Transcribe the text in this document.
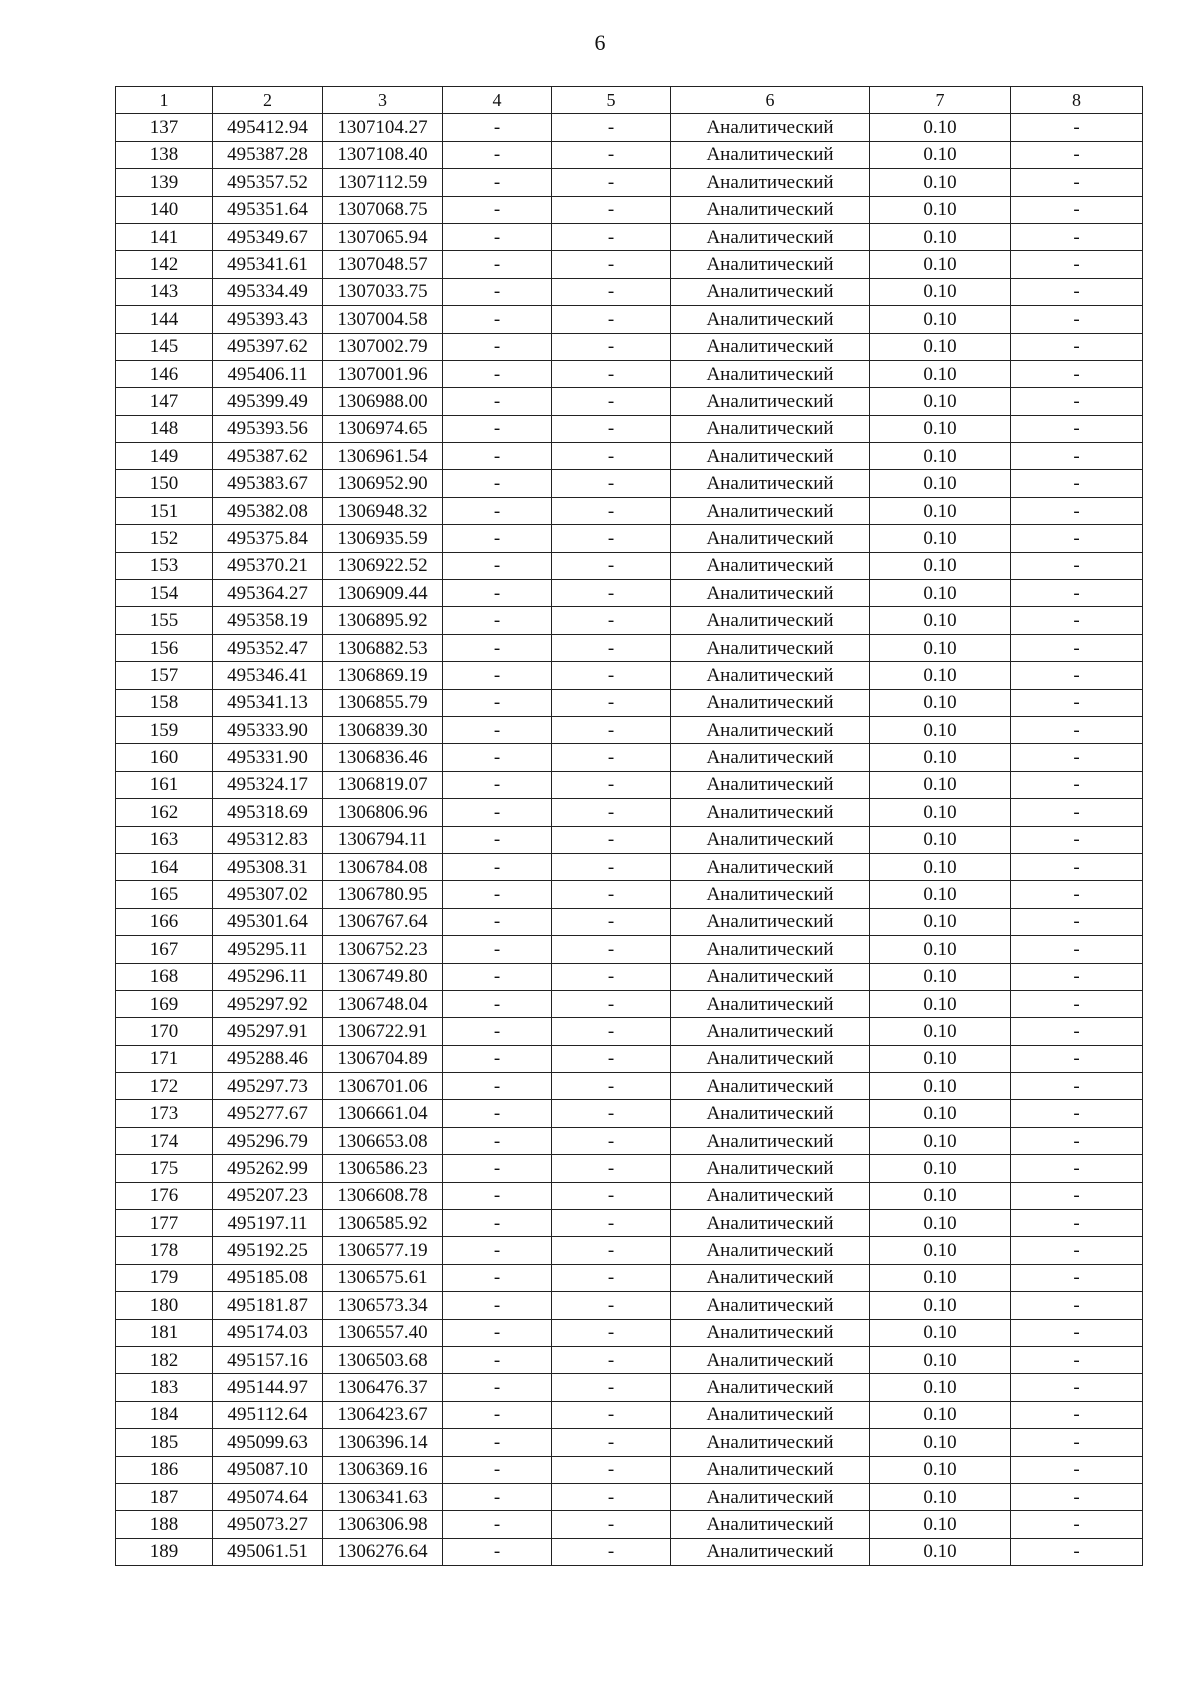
6
1	2	3	4	5	6	7	8
137	495412.94	1307104.27	-	-	Аналитический	0.10	-
138	495387.28	1307108.40	-	-	Аналитический	0.10	-
139	495357.52	1307112.59	-	-	Аналитический	0.10	-
140	495351.64	1307068.75	-	-	Аналитический	0.10	-
141	495349.67	1307065.94	-	-	Аналитический	0.10	-
142	495341.61	1307048.57	-	-	Аналитический	0.10	-
143	495334.49	1307033.75	-	-	Аналитический	0.10	-
144	495393.43	1307004.58	-	-	Аналитический	0.10	-
145	495397.62	1307002.79	-	-	Аналитический	0.10	-
146	495406.11	1307001.96	-	-	Аналитический	0.10	-
147	495399.49	1306988.00	-	-	Аналитический	0.10	-
148	495393.56	1306974.65	-	-	Аналитический	0.10	-
149	495387.62	1306961.54	-	-	Аналитический	0.10	-
150	495383.67	1306952.90	-	-	Аналитический	0.10	-
151	495382.08	1306948.32	-	-	Аналитический	0.10	-
152	495375.84	1306935.59	-	-	Аналитический	0.10	-
153	495370.21	1306922.52	-	-	Аналитический	0.10	-
154	495364.27	1306909.44	-	-	Аналитический	0.10	-
155	495358.19	1306895.92	-	-	Аналитический	0.10	-
156	495352.47	1306882.53	-	-	Аналитический	0.10	-
157	495346.41	1306869.19	-	-	Аналитический	0.10	-
158	495341.13	1306855.79	-	-	Аналитический	0.10	-
159	495333.90	1306839.30	-	-	Аналитический	0.10	-
160	495331.90	1306836.46	-	-	Аналитический	0.10	-
161	495324.17	1306819.07	-	-	Аналитический	0.10	-
162	495318.69	1306806.96	-	-	Аналитический	0.10	-
163	495312.83	1306794.11	-	-	Аналитический	0.10	-
164	495308.31	1306784.08	-	-	Аналитический	0.10	-
165	495307.02	1306780.95	-	-	Аналитический	0.10	-
166	495301.64	1306767.64	-	-	Аналитический	0.10	-
167	495295.11	1306752.23	-	-	Аналитический	0.10	-
168	495296.11	1306749.80	-	-	Аналитический	0.10	-
169	495297.92	1306748.04	-	-	Аналитический	0.10	-
170	495297.91	1306722.91	-	-	Аналитический	0.10	-
171	495288.46	1306704.89	-	-	Аналитический	0.10	-
172	495297.73	1306701.06	-	-	Аналитический	0.10	-
173	495277.67	1306661.04	-	-	Аналитический	0.10	-
174	495296.79	1306653.08	-	-	Аналитический	0.10	-
175	495262.99	1306586.23	-	-	Аналитический	0.10	-
176	495207.23	1306608.78	-	-	Аналитический	0.10	-
177	495197.11	1306585.92	-	-	Аналитический	0.10	-
178	495192.25	1306577.19	-	-	Аналитический	0.10	-
179	495185.08	1306575.61	-	-	Аналитический	0.10	-
180	495181.87	1306573.34	-	-	Аналитический	0.10	-
181	495174.03	1306557.40	-	-	Аналитический	0.10	-
182	495157.16	1306503.68	-	-	Аналитический	0.10	-
183	495144.97	1306476.37	-	-	Аналитический	0.10	-
184	495112.64	1306423.67	-	-	Аналитический	0.10	-
185	495099.63	1306396.14	-	-	Аналитический	0.10	-
186	495087.10	1306369.16	-	-	Аналитический	0.10	-
187	495074.64	1306341.63	-	-	Аналитический	0.10	-
188	495073.27	1306306.98	-	-	Аналитический	0.10	-
189	495061.51	1306276.64	-	-	Аналитический	0.10	-
